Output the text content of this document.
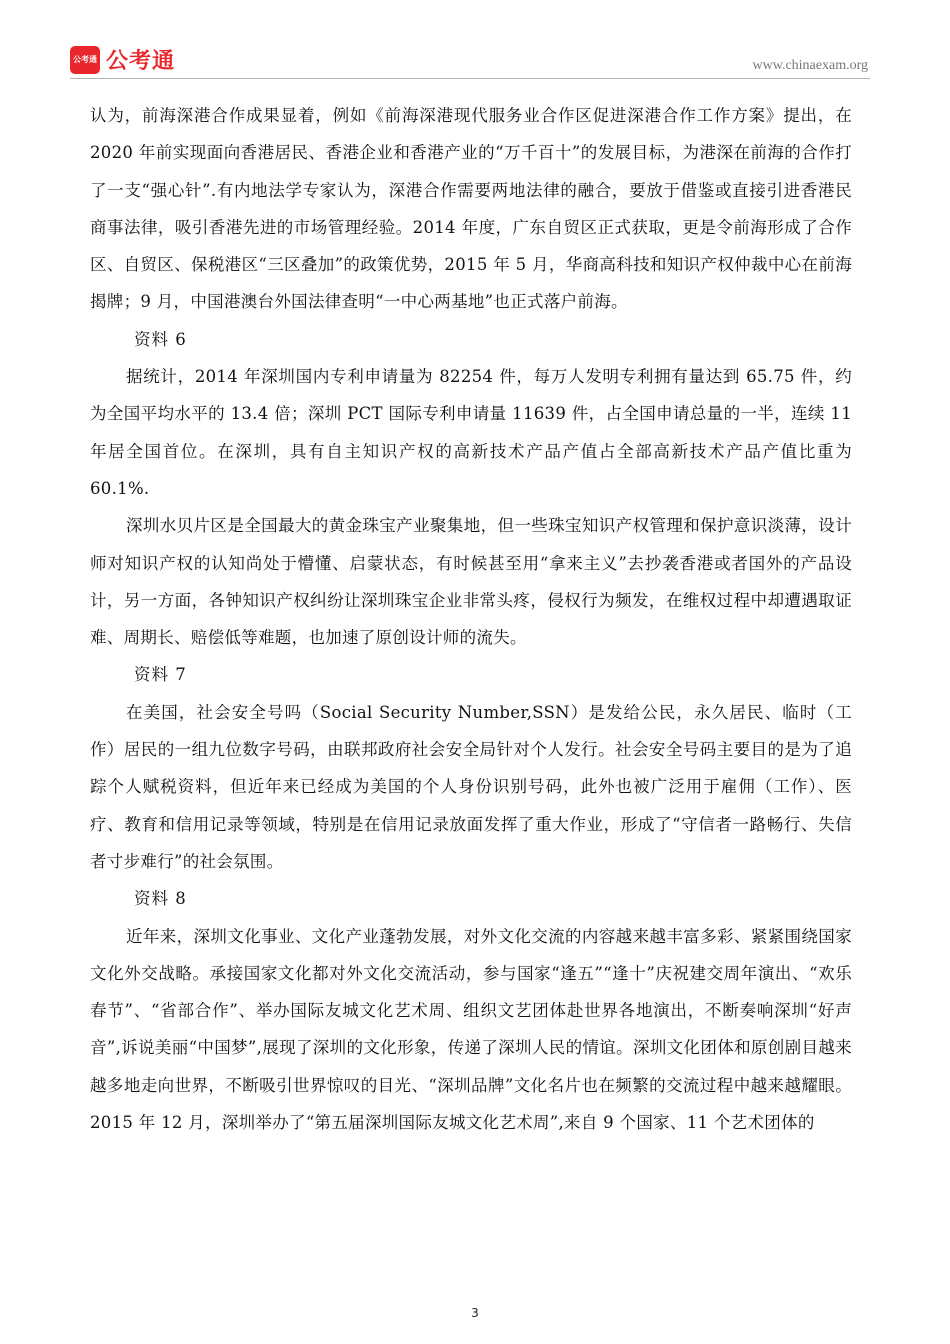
公考通 公考通	www.chinaexam.org

认为，前海深港合作成果显着，例如《前海深港现代服务业合作区促进深港合作工作方案》提出，在 2020 年前实现面向香港居民、香港企业和香港产业的“万千百十”的发展目标，为港深在前海的合作打了一支“强心针”.有内地法学专家认为，深港合作需要两地法律的融合，要放于借鉴或直接引进香港民商事法律，吸引香港先进的市场管理经验。2014 年度，广东自贸区正式获取，更是令前海形成了合作区、自贸区、保税港区“三区叠加”的政策优势，2015 年 5 月，华商高科技和知识产权仲裁中心在前海揭牌；9 月，中国港澳台外国法律查明“一中心两基地”也正式落户前海。

资料 6

据统计，2014 年深圳国内专利申请量为 82254 件，每万人发明专利拥有量达到 65.75 件，约为全国平均水平的 13.4 倍；深圳 PCT 国际专利申请量 11639 件，占全国申请总量的一半，连续 11 年居全国首位。在深圳，具有自主知识产权的高新技术产品产值占全部高新技术产品产值比重为 60.1%.

深圳水贝片区是全国最大的黄金珠宝产业聚集地，但一些珠宝知识产权管理和保护意识淡薄，设计师对知识产权的认知尚处于懵懂、启蒙状态，有时候甚至用“拿来主义”去抄袭香港或者国外的产品设计，另一方面，各钟知识产权纠纷让深圳珠宝企业非常头疼，侵权行为频发，在维权过程中却遭遇取证难、周期长、赔偿低等难题，也加速了原创设计师的流失。

资料 7

在美国，社会安全号吗（Social Security Number,SSN）是发给公民，永久居民、临时（工作）居民的一组九位数字号码，由联邦政府社会安全局针对个人发行。社会安全号码主要目的是为了追踪个人赋税资料，但近年来已经成为美国的个人身份识别号码，此外也被广泛用于雇佣（工作）、医疗、教育和信用记录等领域，特别是在信用记录放面发挥了重大作业，形成了“守信者一路畅行、失信者寸步难行”的社会氛围。

资料 8

近年来，深圳文化事业、文化产业蓬勃发展，对外文化交流的内容越来越丰富多彩、紧紧围绕国家文化外交战略。承接国家文化都对外文化交流活动，参与国家“逢五”“逢十”庆祝建交周年演出、“欢乐春节”、“省部合作”、举办国际友城文化艺术周、组织文艺团体赴世界各地演出，不断奏响深圳“好声音”,诉说美丽“中国梦”,展现了深圳的文化形象，传递了深圳人民的情谊。深圳文化团体和原创剧目越来越多地走向世界，不断吸引世界惊叹的目光、“深圳品牌”文化名片也在频繁的交流过程中越来越耀眼。2015 年 12 月，深圳举办了“第五届深圳国际友城文化艺术周”,来自 9 个国家、11 个艺术团体的

3
